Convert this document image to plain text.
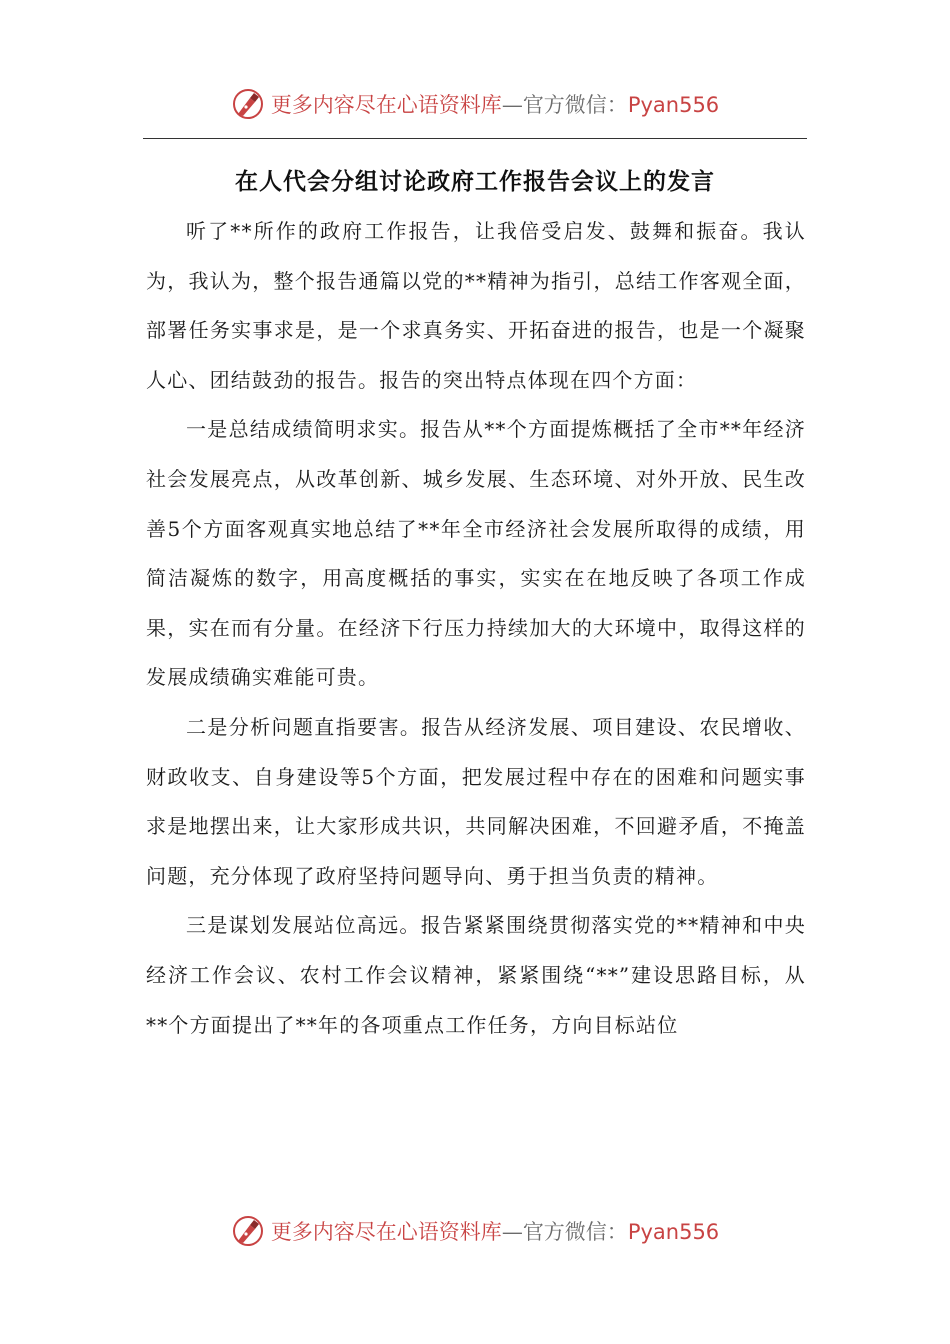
更多内容尽在心语资料库—官方微信：Pyan556
在人代会分组讨论政府工作报告会议上的发言

听了**所作的政府工作报告，让我倍受启发、鼓舞和振奋。我认为，我认为，整个报告通篇以党的**精神为指引，总结工作客观全面，部署任务实事求是，是一个求真务实、开拓奋进的报告，也是一个凝聚人心、团结鼓劲的报告。报告的突出特点体现在四个方面：

一是总结成绩简明求实。报告从**个方面提炼概括了全市**年经济社会发展亮点，从改革创新、城乡发展、生态环境、对外开放、民生改善5个方面客观真实地总结了**年全市经济社会发展所取得的成绩，用简洁凝炼的数字，用高度概括的事实，实实在在地反映了各项工作成果，实在而有分量。在经济下行压力持续加大的大环境中，取得这样的发展成绩确实难能可贵。

二是分析问题直指要害。报告从经济发展、项目建设、农民增收、财政收支、自身建设等5个方面，把发展过程中存在的困难和问题实事求是地摆出来，让大家形成共识，共同解决困难，不回避矛盾，不掩盖问题，充分体现了政府坚持问题导向、勇于担当负责的精神。

三是谋划发展站位高远。报告紧紧围绕贯彻落实党的**精神和中央经济工作会议、农村工作会议精神，紧紧围绕“**”建设思路目标，从**个方面提出了**年的各项重点工作任务，方向目标站位

更多内容尽在心语资料库—官方微信：Pyan556
